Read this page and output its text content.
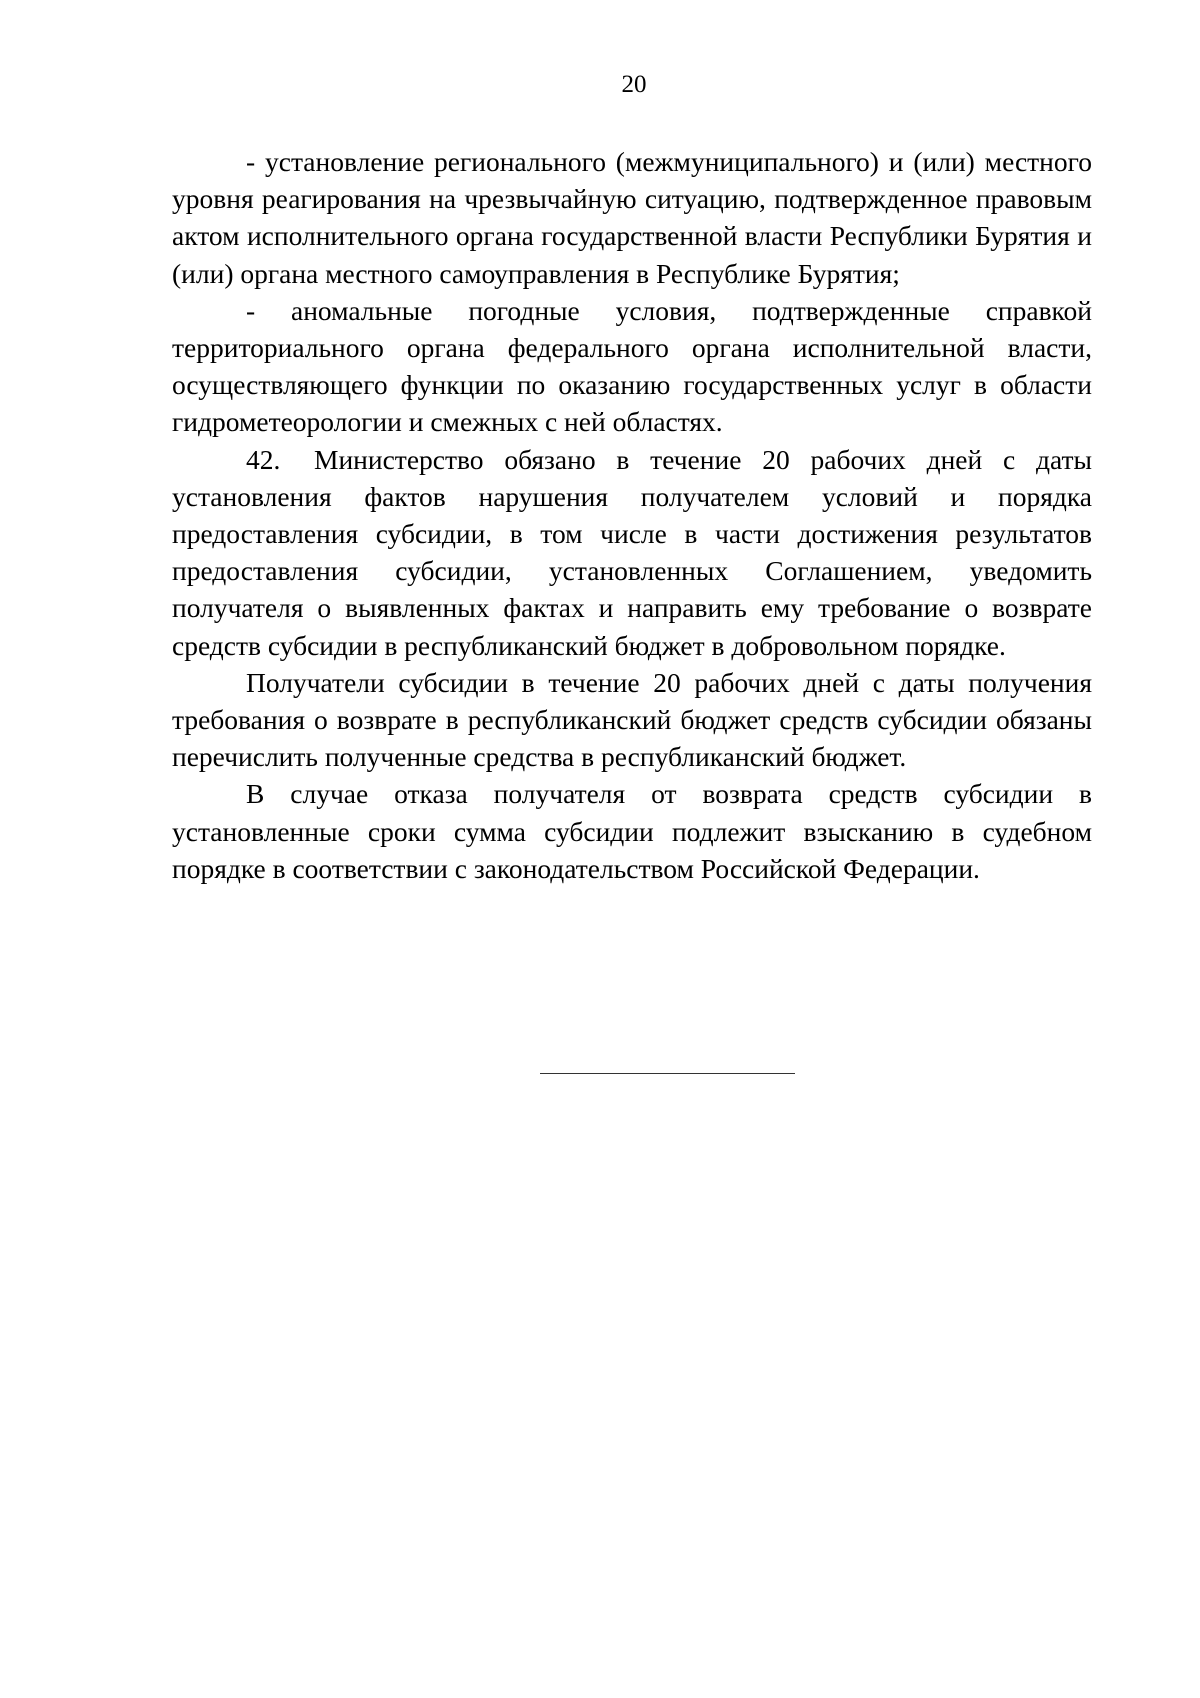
20

- установление регионального (межмуниципального) и (или) местного уровня реагирования на чрезвычайную ситуацию, подтвержденное правовым актом исполнительного органа государственной власти Республики Бурятия и (или) органа местного самоуправления в Республике Бурятия;

- аномальные погодные условия, подтвержденные справкой территориального органа федерального органа исполнительной власти, осуществляющего функции по оказанию государственных услуг в области гидрометеорологии и смежных с ней областях.

42. Министерство обязано в течение 20 рабочих дней с даты установления фактов нарушения получателем условий и порядка предоставления субсидии, в том числе в части достижения результатов предоставления субсидии, установленных Соглашением, уведомить получателя о выявленных фактах и направить ему требование о возврате средств субсидии в республиканский бюджет в добровольном порядке.

Получатели субсидии в течение 20 рабочих дней с даты получения требования о возврате в республиканский бюджет средств субсидии обязаны перечислить полученные средства в республиканский бюджет.

В случае отказа получателя от возврата средств субсидии в установленные сроки сумма субсидии подлежит взысканию в судебном порядке в соответствии с законодательством Российской Федерации.
